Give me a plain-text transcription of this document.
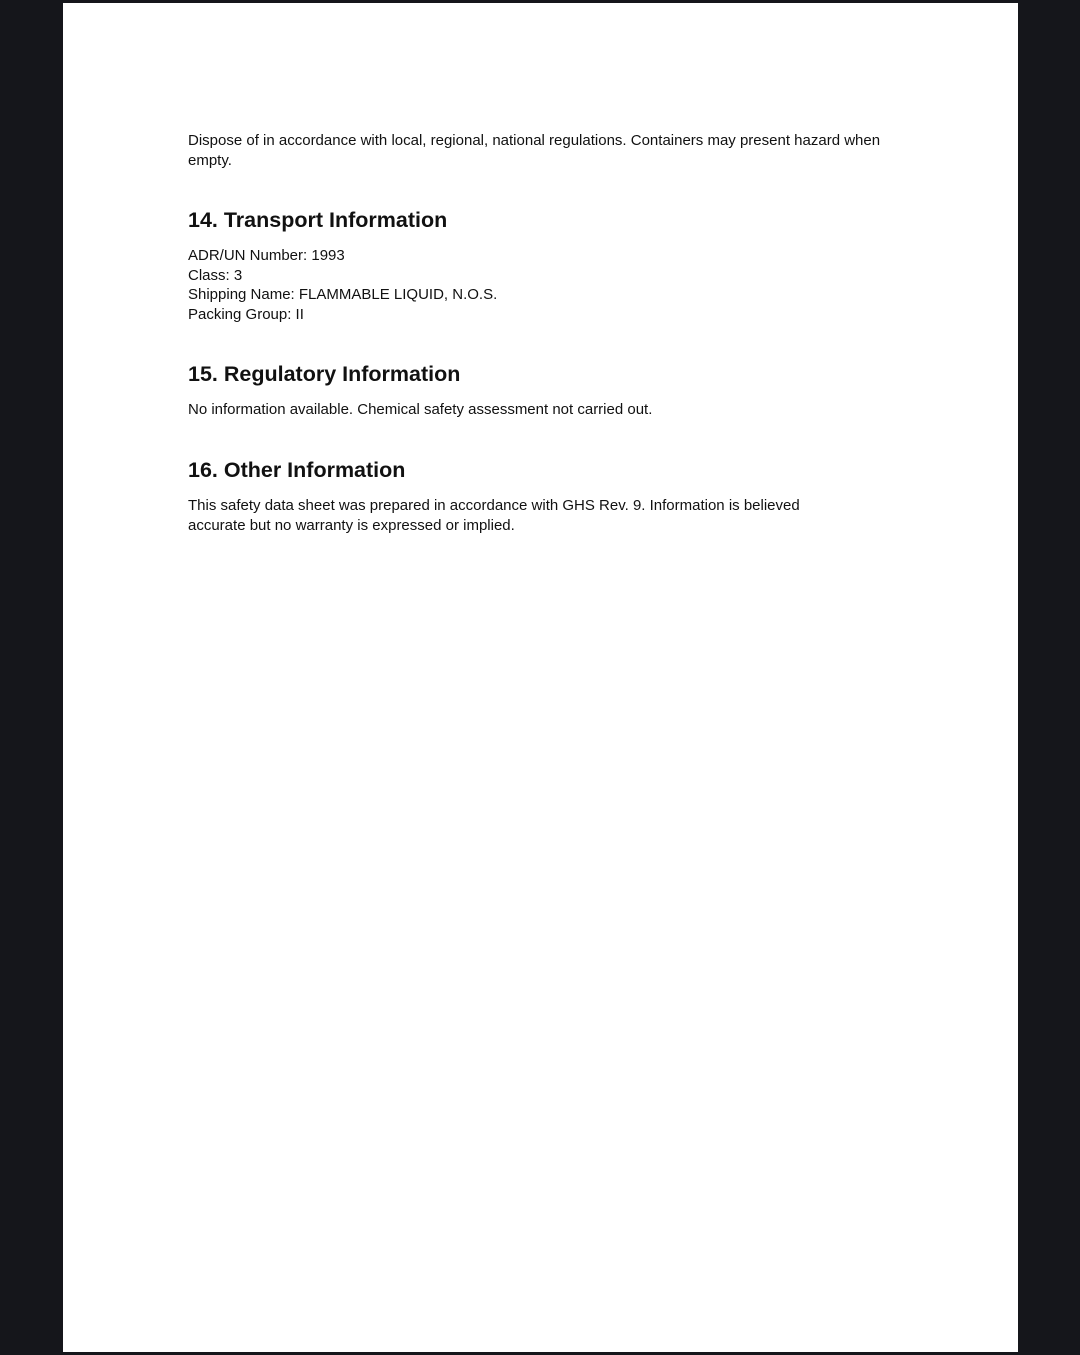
Dispose of in accordance with local, regional, national regulations. Containers may present hazard when empty.

14. Transport Information
ADR/UN Number: 1993
Class: 3
Shipping Name: FLAMMABLE LIQUID, N.O.S.
Packing Group: II
15. Regulatory Information

No information available. Chemical safety assessment not carried out.

16. Other Information

This safety data sheet was prepared in accordance with GHS Rev. 9. Information is believed accurate but no warranty is expressed or implied.
